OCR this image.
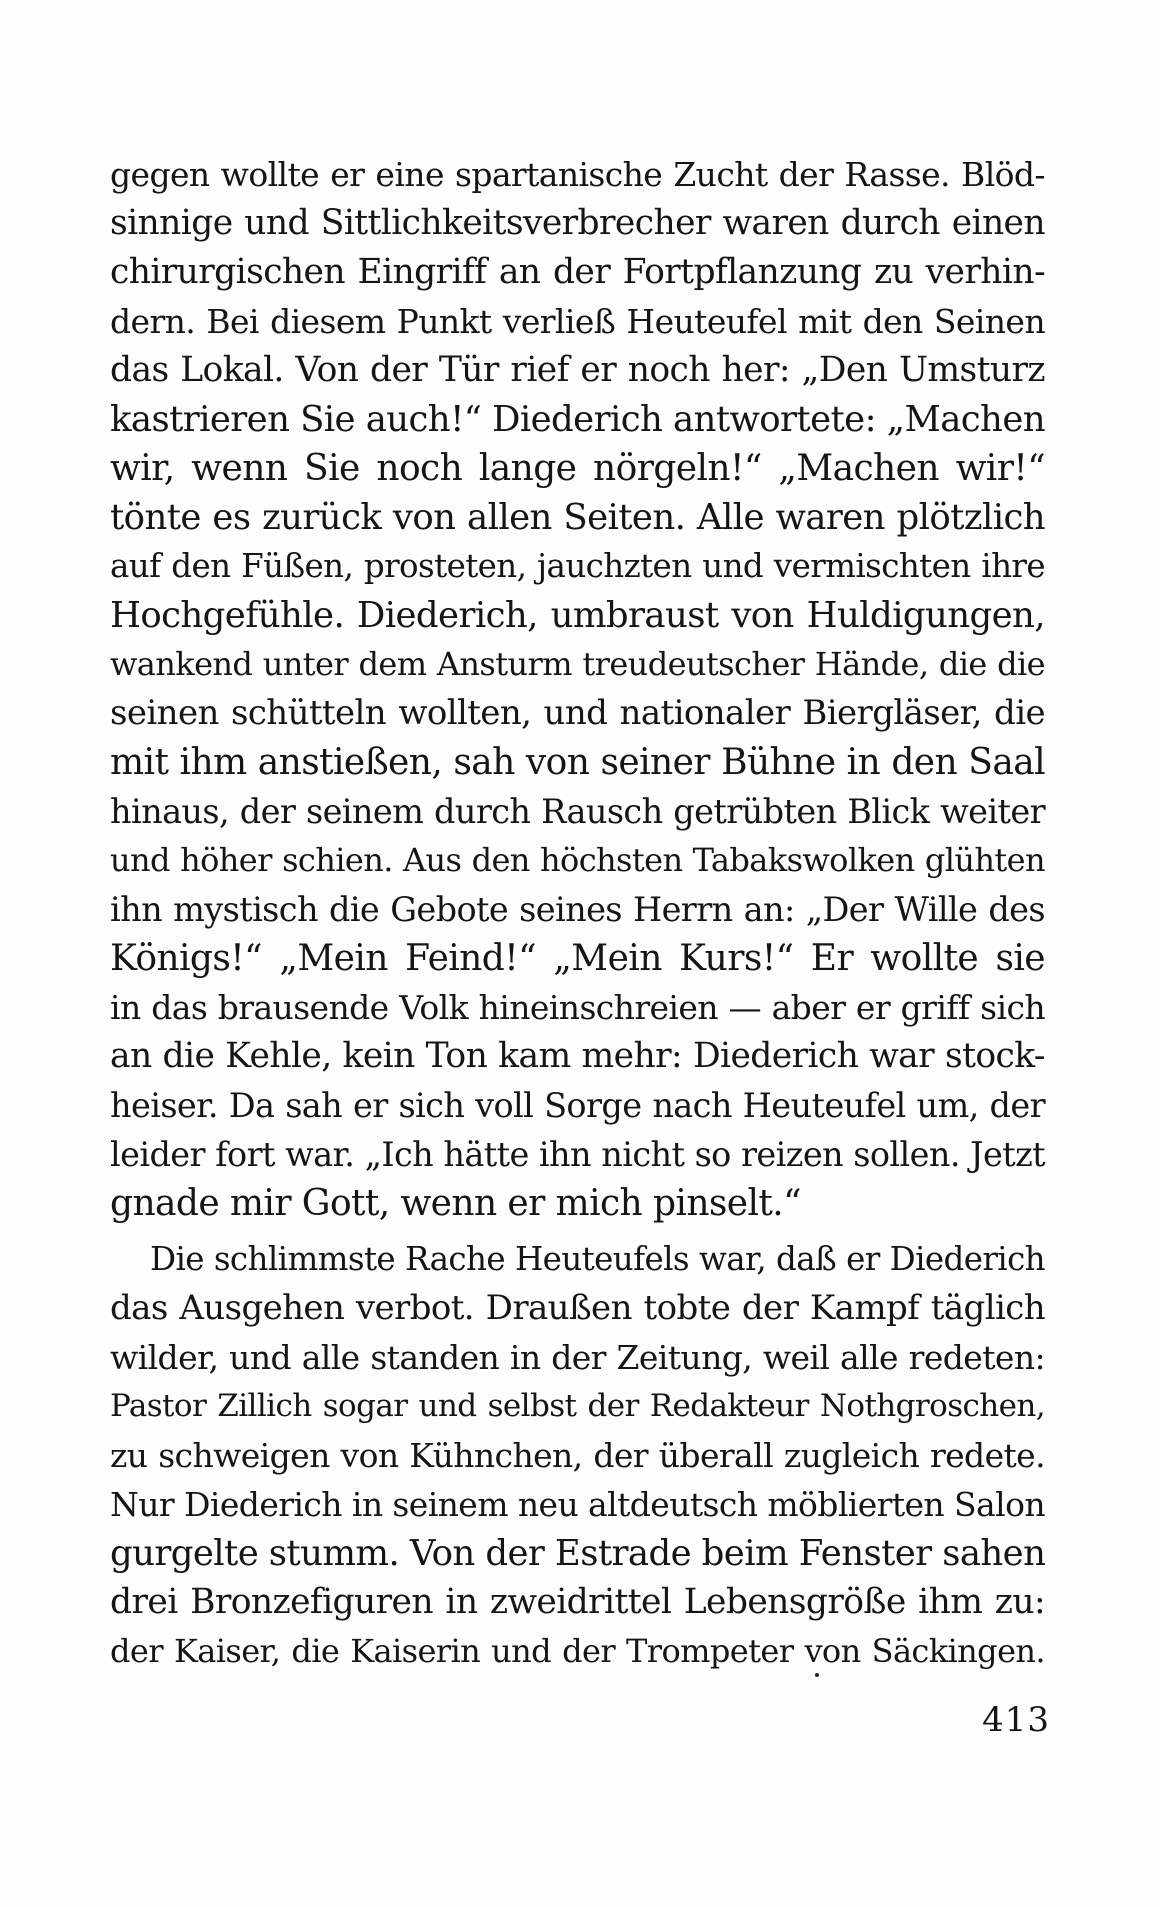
gegen wollte er eine spartanische Zucht der Rasse. Blöd-
sinnige und Sittlichkeitsverbrecher waren durch einen
chirurgischen Eingriff an der Fortpflanzung zu verhin-
dern. Bei diesem Punkt verließ Heuteufel mit den Seinen
das Lokal. Von der Tür rief er noch her: „Den Umsturz
kastrieren Sie auch!“ Diederich antwortete: „Machen
wir, wenn Sie noch lange nörgeln!“ „Machen wir!“
tönte es zurück von allen Seiten. Alle waren plötzlich
auf den Füßen, prosteten, jauchzten und vermischten ihre
Hochgefühle. Diederich, umbraust von Huldigungen,
wankend unter dem Ansturm treudeutscher Hände, die die
seinen schütteln wollten, und nationaler Biergläser, die
mit ihm anstießen, sah von seiner Bühne in den Saal
hinaus, der seinem durch Rausch getrübten Blick weiter
und höher schien. Aus den höchsten Tabakswolken glühten
ihn mystisch die Gebote seines Herrn an: „Der Wille des
Königs!“ „Mein Feind!“ „Mein Kurs!“ Er wollte sie
in das brausende Volk hineinschreien — aber er griff sich
an die Kehle, kein Ton kam mehr: Diederich war stock-
heiser. Da sah er sich voll Sorge nach Heuteufel um, der
leider fort war. „Ich hätte ihn nicht so reizen sollen. Jetzt
gnade mir Gott, wenn er mich pinselt.“
Die schlimmste Rache Heuteufels war, daß er Diederich
das Ausgehen verbot. Draußen tobte der Kampf täglich
wilder, und alle standen in der Zeitung, weil alle redeten:
Pastor Zillich sogar und selbst der Redakteur Nothgroschen,
zu schweigen von Kühnchen, der überall zugleich redete.
Nur Diederich in seinem neu altdeutsch möblierten Salon
gurgelte stumm. Von der Estrade beim Fenster sahen
drei Bronzefiguren in zweidrittel Lebensgröße ihm zu:
der Kaiser, die Kaiserin und der Trompeter von Säckingen.
413
